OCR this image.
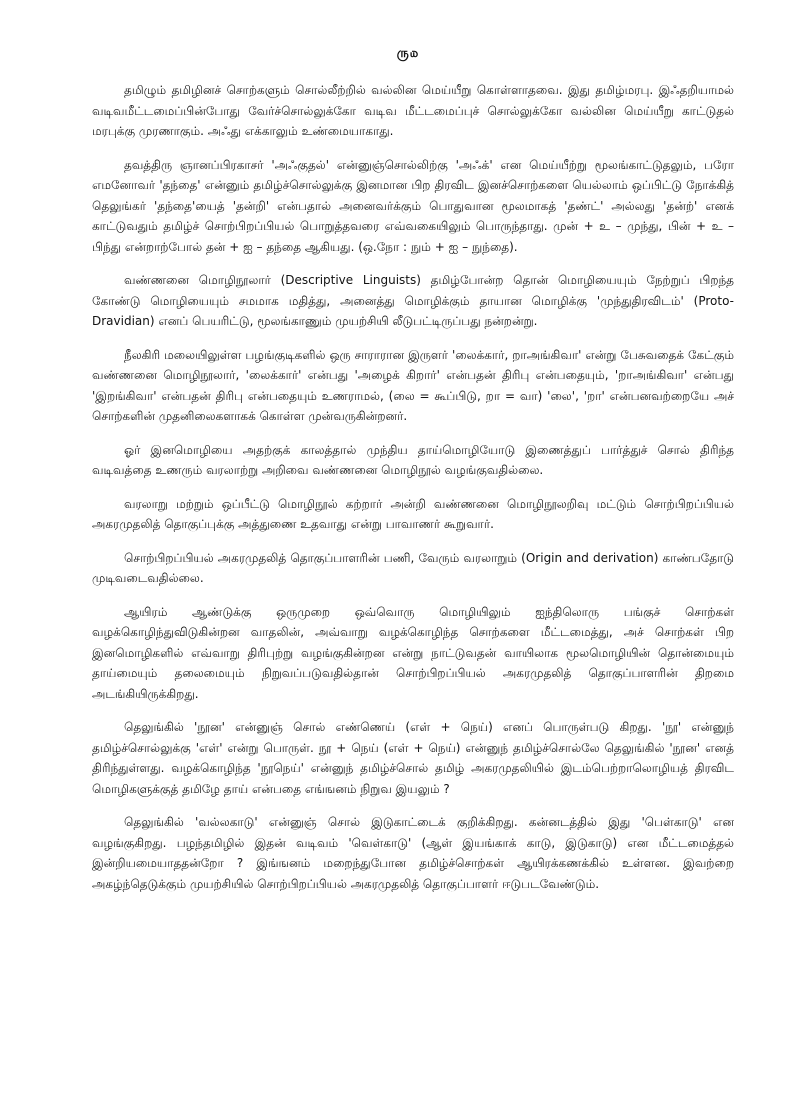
ரு௰

தமிழும் தமிழினச் சொற்களும் சொல்லீற்றில் வல்லின மெய்யீறு கொள்ளாதவை. இது தமிழ்மரபு. இஃதறியாமல் வடிவமீட்டமைப்பின்போது வேர்ச்சொல்லுக்கோ வடிவ மீட்டமைப்புச் சொல்லுக்கோ வல்லின மெய்யீறு காட்டுதல் மரபுக்கு முரணாகும். அஃது எக்காலும் உண்மையாகாது.

தவத்திரு ஞானப்பிரகாசர் 'அஃகுதல்' என்னுஞ்சொல்லிற்கு 'அஃக்' என மெய்யீற்று மூலங்காட்டுதலும், பரோ எமனோவர் 'தந்தை' என்னும் தமிழ்ச்சொல்லுக்கு இனமான பிற திரவிட இனச்சொற்களை யெல்லாம் ஒப்பிட்டு நோக்கித் தெலுங்கர் 'தந்தை'யைத் 'தன்றி' என்பதால் அனைவர்க்கும் பொதுவான மூலமாகத் 'தண்ட்' அல்லது 'தன்ற்' எனக் காட்டுவதும் தமிழ்ச் சொற்பிறப்பியல் பொறுத்தவரை எவ்வகையிலும் பொருந்தாது. முன் + உ – முந்து, பின் + உ – பிந்து என்றாற்போல் தன் + ஐ – தந்தை ஆகியது. (ஒ.நோ : நும் + ஐ – நுந்தை).

வண்ணனை மொழிநூலார் (Descriptive Linguists) தமிழ்போன்ற தொன் மொழியையும் நேற்றுப் பிறந்த கோண்டு மொழியையும் சமமாக மதித்து, அனைத்து மொழிக்கும் தாயான மொழிக்கு 'முந்துதிரவிடம்' (Proto-Dravidian) எனப் பெயரிட்டு, மூலங்காணும் முயற்சியி லீடுபட்டிருப்பது நன்றன்று.

நீலகிரி மலையிலுள்ள பழங்குடிகளில் ஒரு சாராரான இருளர் 'லைக்கார், றாஅங்கிவா' என்று பேசுவதைக் கேட்கும் வண்ணனை மொழிநூலார், 'லைக்கார்' என்பது 'அழைக் கிறார்' என்பதன் திரிபு என்பதையும், 'றாஅங்கிவா' என்பது 'இறங்கிவா' என்பதன் திரிபு என்பதையும் உணராமல், (லை = கூப்பிடு, றா = வா) 'லை', 'றா' என்பனவற்றையே அச் சொற்களின் முதனிலைகளாகக் கொள்ள முன்வருகின்றனர்.

ஓர் இனமொழியை அதற்குக் காலத்தால் முந்திய தாய்மொழியோடு இணைத்துப் பார்த்துச் சொல் திரிந்த வடிவத்தை உணரும் வரலாற்று அறிவை வண்ணனை மொழிநூல் வழங்குவதில்லை.

வரலாறு மற்றும் ஒப்பீட்டு மொழிநூல் கற்றார் அன்றி வண்ணனை மொழிநூலறிவு மட்டும் சொற்பிறப்பியல் அகரமுதலித் தொகுப்புக்கு அத்துணை உதவாது என்று பாவாணர் கூறுவார்.

சொற்பிறப்பியல் அகரமுதலித் தொகுப்பாளரின் பணி, வேரும் வரலாறும் (Origin and derivation) காண்பதோடு முடிவடைவதில்லை.

ஆயிரம் ஆண்டுக்கு ஒருமுறை ஒவ்வொரு மொழியிலும் ஐந்திலொரு பங்குச் சொற்கள் வழக்கொழிந்துவிடுகின்றன வாதலின், அவ்வாறு வழக்கொழிந்த சொற்களை மீட்டமைத்து, அச் சொற்கள் பிற இனமொழிகளில் எவ்வாறு திரிபுற்று வழங்குகின்றன என்று நாட்டுவதன் வாயிலாக மூலமொழியின் தொன்மையும் தாய்மையும் தலைமையும் நிறுவப்படுவதில்தான் சொற்பிறப்பியல் அகரமுதலித் தொகுப்பாளரின் திறமை அடங்கியிருக்கிறது.

தெலுங்கில் 'நூன' என்னுஞ் சொல் எண்ணெய் (எள் + நெய்) எனப் பொருள்படு கிறது. 'நூ' என்னுந் தமிழ்ச்சொல்லுக்கு 'எள்' என்று பொருள். நூ + நெய் (எள் + நெய்) என்னுந் தமிழ்ச்சொல்லே தெலுங்கில் 'நூன' எனத் திரிந்துள்ளது. வழக்கொழிந்த 'நூநெய்' என்னுந் தமிழ்ச்சொல் தமிழ் அகரமுதலியில் இடம்பெற்றாலொழியத் திரவிட மொழிகளுக்குத் தமிழே தாய் என்பதை எங்ஙனம் நிறுவ இயலும் ?

தெலுங்கில் 'வல்லகாடு' என்னுஞ் சொல் இடுகாட்டைக் குறிக்கிறது. கன்னடத்தில் இது 'பெள்காடு' என வழங்குகிறது. பழந்தமிழில் இதன் வடிவம் 'வெள்காடு' (ஆள் இயங்காக் காடு, இடுகாடு) என மீட்டமைத்தல் இன்றியமையாததன்றோ ? இங்ஙனம் மறைந்துபோன தமிழ்ச்சொற்கள் ஆயிரக்கணக்கில் உள்ளன. இவற்றை அகழ்ந்தெடுக்கும் முயற்சியில் சொற்பிறப்பியல் அகரமுதலித் தொகுப்பாளர் ஈடுபடவேண்டும்.
